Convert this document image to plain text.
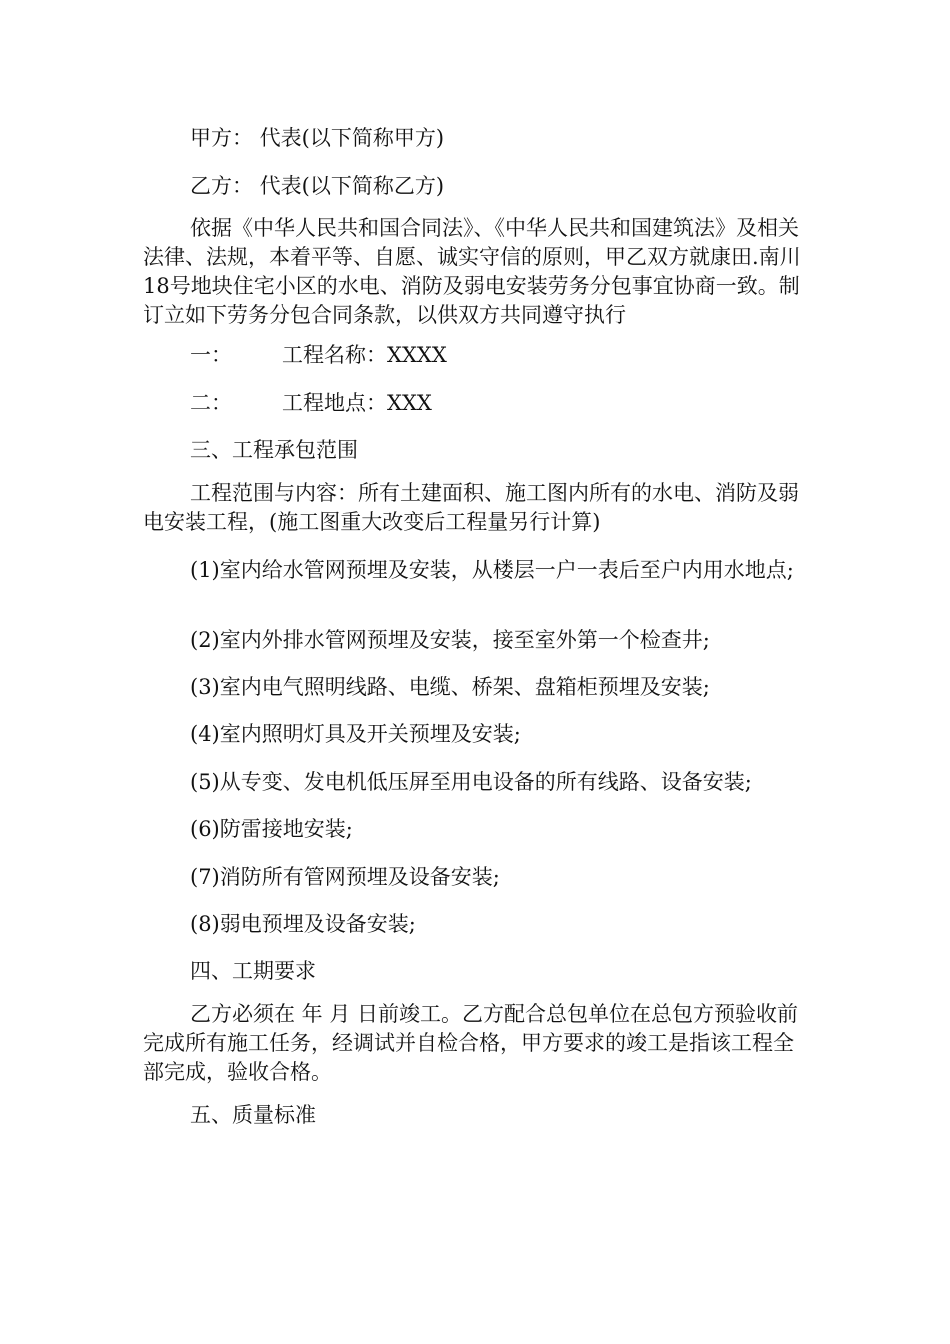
甲方： 代表(以下简称甲方)

乙方： 代表(以下简称乙方)

依据《中华人民共和国合同法》、《中华人民共和国建筑法》及相关法律、法规，本着平等、自愿、诚实守信的原则，甲乙双方就康田.南川18号地块住宅小区的水电、消防及弱电安装劳务分包事宜协商一致。制订立如下劳务分包合同条款，以供双方共同遵守执行

一： 工程名称：XXXX

二： 工程地点：XXX

三、工程承包范围

工程范围与内容：所有土建面积、施工图内所有的水电、消防及弱电安装工程，(施工图重大改变后工程量另行计算)

(1)室内给水管网预埋及安装，从楼层一户一表后至户内用水地点;

(2)室内外排水管网预埋及安装，接至室外第一个检查井;

(3)室内电气照明线路、电缆、桥架、盘箱柜预埋及安装;

(4)室内照明灯具及开关预埋及安装;

(5)从专变、发电机低压屏至用电设备的所有线路、设备安装;

(6)防雷接地安装;

(7)消防所有管网预埋及设备安装;

(8)弱电预埋及设备安装;

四、工期要求

乙方必须在 年 月 日前竣工。乙方配合总包单位在总包方预验收前完成所有施工任务，经调试并自检合格，甲方要求的竣工是指该工程全部完成，验收合格。

五、质量标准
